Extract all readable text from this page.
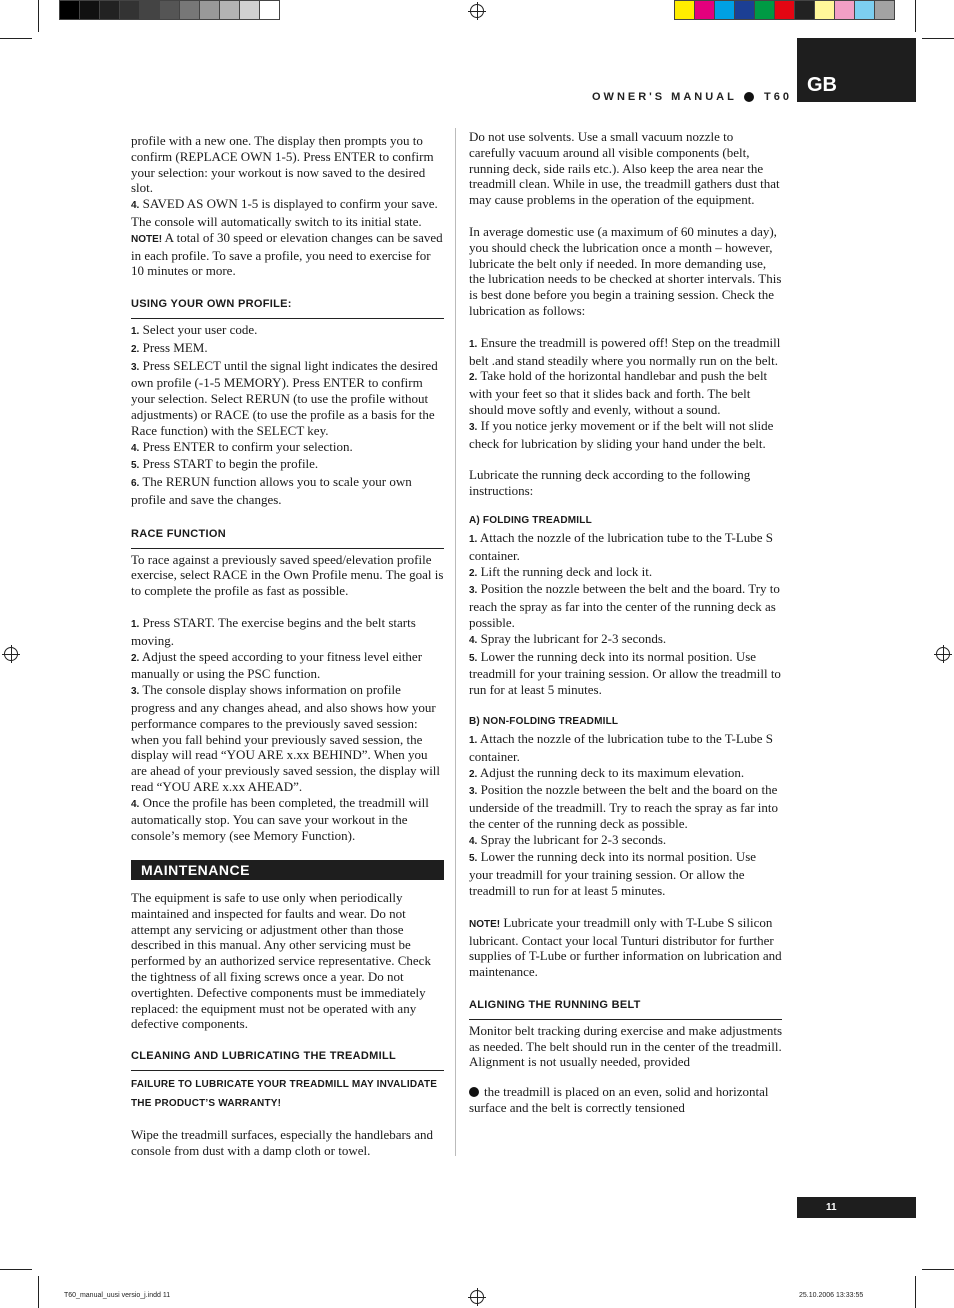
OWNER'S MANUAL T60
GB

profile with a new one. The display then prompts you to confirm (REPLACE OWN 1-5). Press ENTER to confirm your selection: your workout is now saved to the desired slot.

4. SAVED AS OWN 1-5 is displayed to confirm your save. The console will automatically switch to its initial state.

NOTE! A total of 30 speed or elevation changes can be saved in each profile. To save a profile, you need to exercise for 10 minutes or more.

USING YOUR OWN PROFILE:

1. Select your user code.

2. Press MEM.

3. Press SELECT until the signal light indicates the desired own profile (-1-5 MEMORY). Press ENTER to confirm your selection. Select RERUN (to use the profile without adjustments) or RACE (to use the profile as a basis for the Race function) with the SELECT key.

4. Press ENTER to confirm your selection.

5. Press START to begin the profile.

6. The RERUN function allows you to scale your own profile and save the changes.

RACE FUNCTION

To race against a previously saved speed/elevation profile exercise, select RACE in the Own Profile menu. The goal is to complete the profile as fast as possible.

1. Press START. The exercise begins and the belt starts moving.

2. Adjust the speed according to your fitness level either manually or using the PSC function.

3. The console display shows information on profile progress and any changes ahead, and also shows how your performance compares to the previously saved session: when you fall behind your previously saved session, the display will read “YOU ARE x.xx BEHIND”. When you are ahead of your previously saved session, the display will read “YOU ARE x.xx AHEAD”.

4. Once the profile has been completed, the treadmill will automatically stop. You can save your workout in the console’s memory (see Memory Function).

MAINTENANCE

The equipment is safe to use only when periodically maintained and inspected for faults and wear. Do not attempt any servicing or adjustment other than those described in this manual. Any other servicing must be performed by an authorized service representative. Check the tightness of all fixing screws once a year. Do not overtighten. Defective components must be immediately replaced: the equipment must not be operated with any defective components.

CLEANING AND LUBRICATING THE TREADMILL

FAILURE TO LUBRICATE YOUR TREADMILL MAY INVALIDATE THE PRODUCT’S WARRANTY!

Wipe the treadmill surfaces, especially the handlebars and console from dust with a damp cloth or towel.

Do not use solvents. Use a small vacuum nozzle to carefully vacuum around all visible components (belt, running deck, side rails etc.). Also keep the area near the treadmill clean. While in use, the treadmill gathers dust that may cause problems in the operation of the equipment.

In average domestic use (a maximum of 60 minutes a day), you should check the lubrication once a month – however, lubricate the belt only if needed. In more demanding use, the lubrication needs to be checked at shorter intervals. This is best done before you begin a training session. Check the lubrication as follows:

1. Ensure the treadmill is powered off! Step on the treadmill belt .and stand steadily where you normally run on the belt.

2. Take hold of the horizontal handlebar and push the belt with your feet so that it slides back and forth. The belt should move softly and evenly, without a sound.

3. If you notice jerky movement or if the belt will not slide check for lubrication by sliding your hand under the belt.

Lubricate the running deck according to the following instructions:

A) FOLDING TREADMILL

1. Attach the nozzle of the lubrication tube to the T-Lube S container.

2. Lift the running deck and lock it.

3. Position the nozzle between the belt and the board. Try to reach the spray as far into the center of the running deck as possible.

4. Spray the lubricant for 2-3 seconds.

5. Lower the running deck into its normal position. Use treadmill for your training session. Or allow the treadmill to run for at least 5 minutes.

B) NON-FOLDING TREADMILL

1. Attach the nozzle of the lubrication tube to the T-Lube S container.

2. Adjust the running deck to its maximum elevation.

3. Position the nozzle between the belt and the board on the underside of the treadmill. Try to reach the spray as far into the center of the running deck as possible.

4. Spray the lubricant for 2-3 seconds.

5. Lower the running deck into its normal position. Use your treadmill for your training session. Or allow the treadmill to run for at least 5 minutes.

NOTE! Lubricate your treadmill only with T-Lube S silicon lubricant. Contact your local Tunturi distributor for further supplies of T-Lube or further information on lubrication and maintenance.

ALIGNING THE RUNNING BELT

Monitor belt tracking during exercise and make adjustments as needed. The belt should run in the center of the treadmill. Alignment is not usually needed, provided

the treadmill is placed on an even, solid and horizontal surface and the belt is correctly tensioned

11
T60_manual_uusi versio_j.indd 11	25.10.2006 13:33:55
